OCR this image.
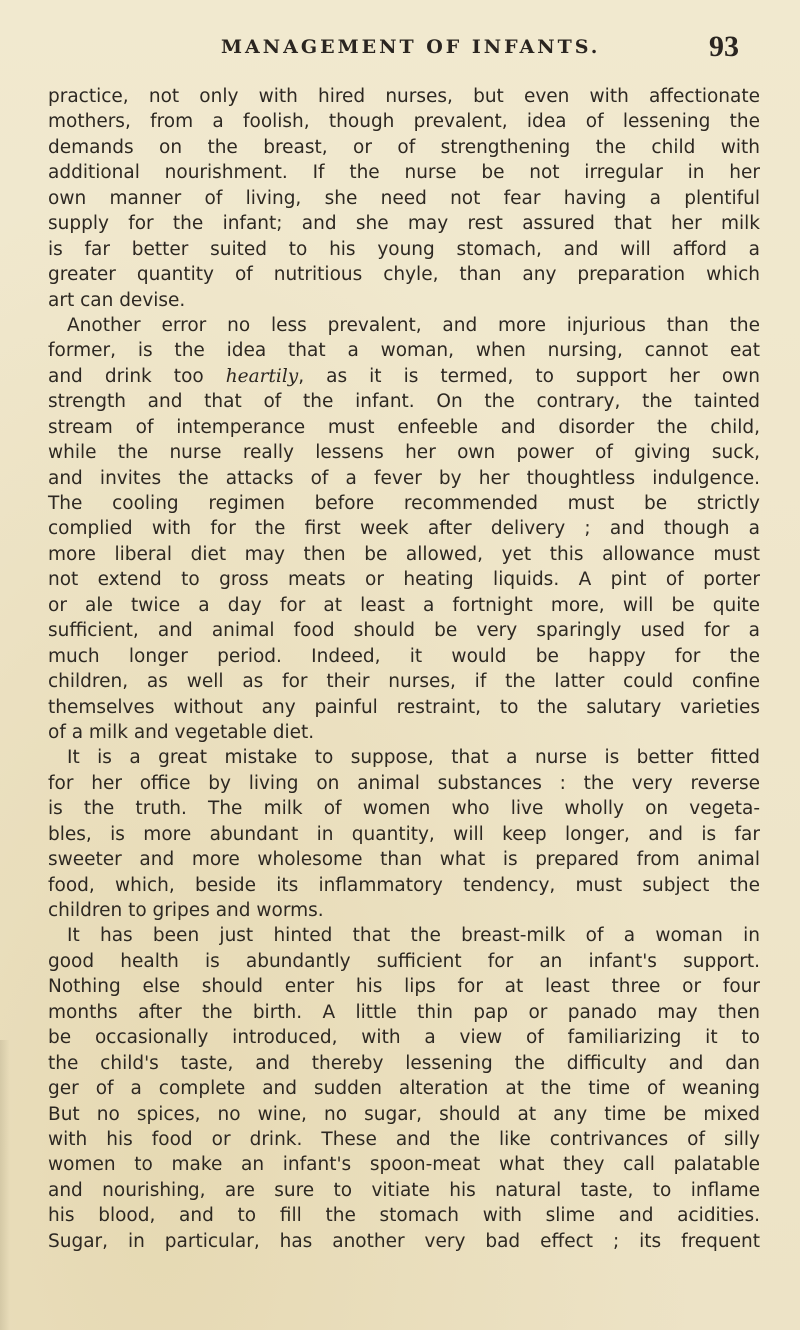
MANAGEMENT OF INFANTS.	93
practice, not only with hired nurses, but even with affectionate
mothers, from a foolish, though prevalent, idea of lessening the
demands on the breast, or of strengthening the child with
additional nourishment. If the nurse be not irregular in her
own manner of living, she need not fear having a plentiful
supply for the infant; and she may rest assured that her milk
is far better suited to his young stomach, and will afford a
greater quantity of nutritious chyle, than any preparation which
art can devise.
Another error no less prevalent, and more injurious than the
former, is the idea that a woman, when nursing, cannot eat
and drink too heartily, as it is termed, to support her own
strength and that of the infant. On the contrary, the tainted
stream of intemperance must enfeeble and disorder the child,
while the nurse really lessens her own power of giving suck,
and invites the attacks of a fever by her thoughtless indulgence.
The cooling regimen before recommended must be strictly
complied with for the first week after delivery ; and though a
more liberal diet may then be allowed, yet this allowance must
not extend to gross meats or heating liquids. A pint of porter
or ale twice a day for at least a fortnight more, will be quite
sufficient, and animal food should be very sparingly used for a
much longer period. Indeed, it would be happy for the
children, as well as for their nurses, if the latter could confine
themselves without any painful restraint, to the salutary varieties
of a milk and vegetable diet.
It is a great mistake to suppose, that a nurse is better fitted
for her office by living on animal substances : the very reverse
is the truth. The milk of women who live wholly on vegeta-
bles, is more abundant in quantity, will keep longer, and is far
sweeter and more wholesome than what is prepared from animal
food, which, beside its inflammatory tendency, must subject the
children to gripes and worms.
It has been just hinted that the breast-milk of a woman in
good health is abundantly sufficient for an infant's support.
Nothing else should enter his lips for at least three or four
months after the birth. A little thin pap or panado may then
be occasionally introduced, with a view of familiarizing it to
the child's taste, and thereby lessening the difficulty and dan
ger of a complete and sudden alteration at the time of weaning
But no spices, no wine, no sugar, should at any time be mixed
with his food or drink. These and the like contrivances of silly
women to make an infant's spoon-meat what they call palatable
and nourishing, are sure to vitiate his natural taste, to inflame
his blood, and to fill the stomach with slime and acidities.
Sugar, in particular, has another very bad effect ; its frequent
